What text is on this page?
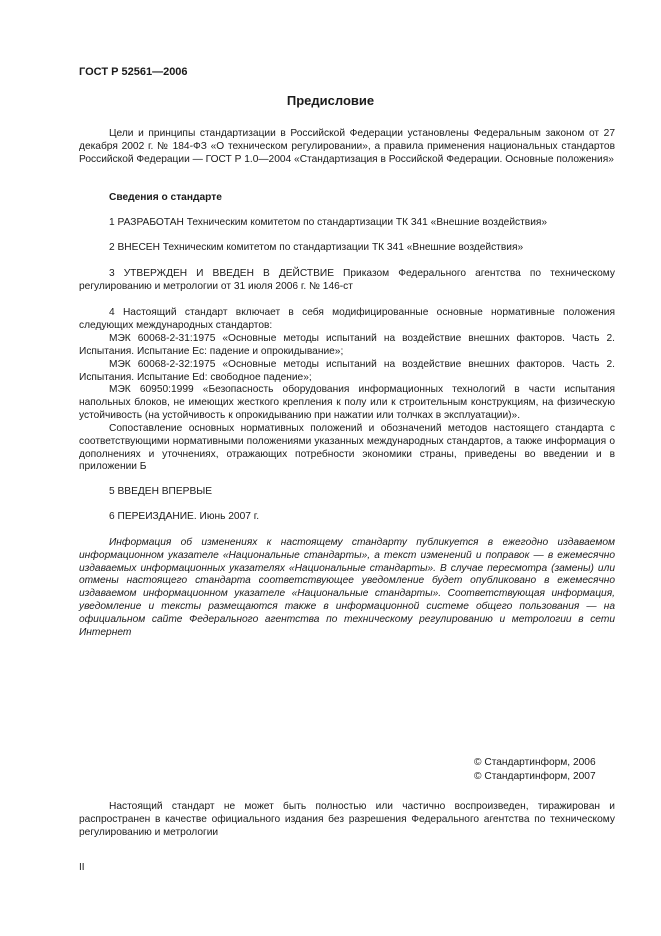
ГОСТ Р 52561—2006
Предисловие

Цели и принципы стандартизации в Российской Федерации установлены Федеральным законом от 27 декабря 2002 г. № 184-ФЗ «О техническом регулировании», а правила применения национальных стандартов Российской Федерации — ГОСТ Р 1.0—2004 «Стандартизация в Российской Федерации. Основные положения»

Сведения о стандарте

1 РАЗРАБОТАН Техническим комитетом по стандартизации ТК 341 «Внешние воздействия»

2 ВНЕСЕН Техническим комитетом по стандартизации ТК 341 «Внешние воздействия»

3 УТВЕРЖДЕН И ВВЕДЕН В ДЕЙСТВИЕ Приказом Федерального агентства по техническому регулированию и метрологии от 31 июля 2006 г. № 146-ст

4 Настоящий стандарт включает в себя модифицированные основные нормативные положения следующих международных стандартов:

МЭК 60068-2-31:1975 «Основные методы испытаний на воздействие внешних факторов. Часть 2. Испытания. Испытание Ec: падение и опрокидывание»;

МЭК 60068-2-32:1975 «Основные методы испытаний на воздействие внешних факторов. Часть 2. Испытания. Испытание Ed: свободное падение»;

МЭК 60950:1999 «Безопасность оборудования информационных технологий в части испытания напольных блоков, не имеющих жесткого крепления к полу или к строительным конструкциям, на физическую устойчивость (на устойчивость к опрокидыванию при нажатии или толчках в эксплуатации)».

Сопоставление основных нормативных положений и обозначений методов настоящего стандарта с соответствующими нормативными положениями указанных международных стандартов, а также информация о дополнениях и уточнениях, отражающих потребности экономики страны, приведены во введении и в приложении Б

5 ВВЕДЕН ВПЕРВЫЕ

6 ПЕРЕИЗДАНИЕ. Июнь 2007 г.

Информация об изменениях к настоящему стандарту публикуется в ежегодно издаваемом информационном указателе «Национальные стандарты», а текст изменений и поправок — в ежемесячно издаваемых информационных указателях «Национальные стандарты». В случае пересмотра (замены) или отмены настоящего стандарта соответствующее уведомление будет опубликовано в ежемесячно издаваемом информационном указателе «Национальные стандарты». Соответствующая информация, уведомление и тексты размещаются также в информационной системе общего пользования — на официальном сайте Федерального агентства по техническому регулированию и метрологии в сети Интернет

© Стандартинформ, 2006
© Стандартинформ, 2007

Настоящий стандарт не может быть полностью или частично воспроизведен, тиражирован и распространен в качестве официального издания без разрешения Федерального агентства по техническому регулированию и метрологии

II
